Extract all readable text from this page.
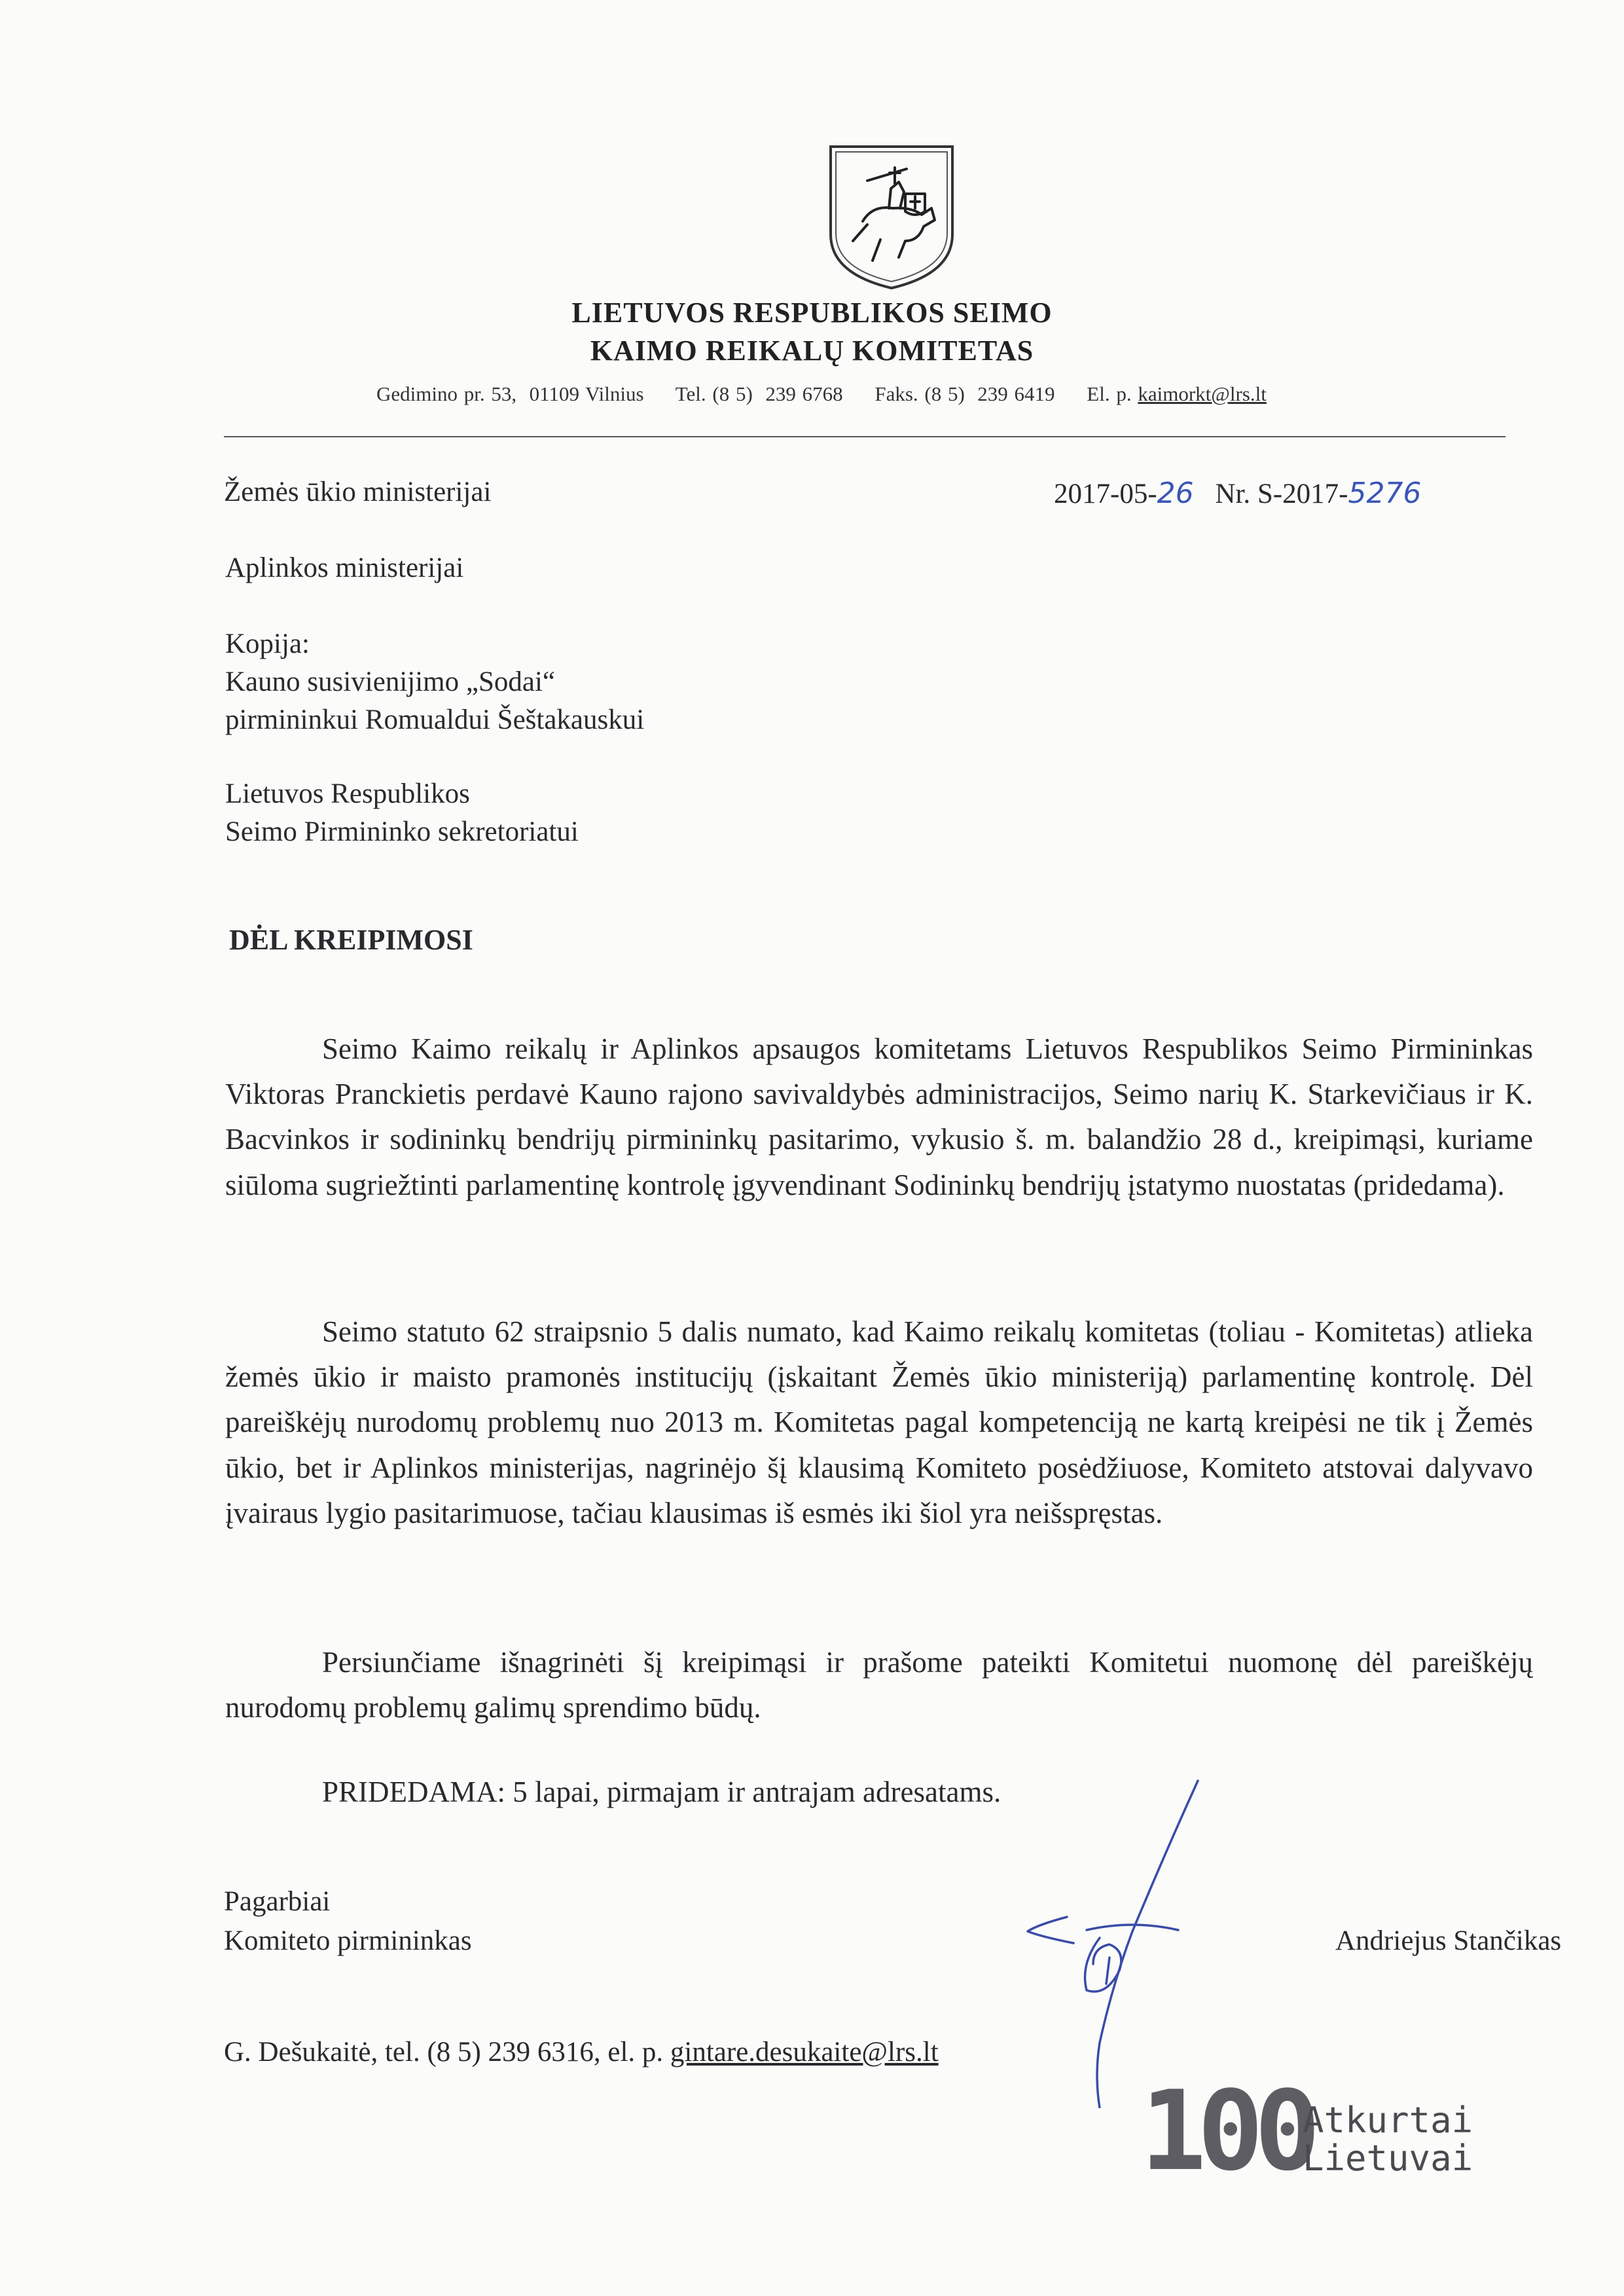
LIETUVOS RESPUBLIKOS SEIMO
KAIMO REIKALŲ KOMITETAS
Gedimino pr. 53,  01109 Vilnius Tel. (8 5)  239 6768 Faks. (8 5)  239 6419 El. p. kaimorkt@lrs.lt
Žemės ūkio ministerijai
Aplinkos ministerijai
Kopija:
Kauno susivienijimo „Sodai“
pirmininkui Romualdui Šeštakauskui
Lietuvos Respublikos
Seimo Pirmininko sekretoriatui
2017-05-26 Nr. S-2017-5276
DĖL KREIPIMOSI
Seimo Kaimo reikalų ir Aplinkos apsaugos komitetams Lietuvos Respublikos Seimo Pirmininkas Viktoras Pranckietis perdavė Kauno rajono savivaldybės administracijos, Seimo narių K. Starkevičiaus ir K. Bacvinkos ir sodininkų bendrijų pirmininkų pasitarimo, vykusio š. m. balandžio 28 d., kreipimąsi, kuriame siūloma sugriežtinti parlamentinę kontrolę įgyvendinant Sodininkų bendrijų įstatymo nuostatas (pridedama).
Seimo statuto 62 straipsnio 5 dalis numato, kad Kaimo reikalų komitetas (toliau - Komitetas) atlieka žemės ūkio ir maisto pramonės institucijų (įskaitant Žemės ūkio ministeriją) parlamentinę kontrolę. Dėl pareiškėjų nurodomų problemų nuo 2013 m. Komitetas pagal kompetenciją ne kartą kreipėsi ne tik į Žemės ūkio, bet ir Aplinkos ministerijas, nagrinėjo šį klausimą Komiteto posėdžiuose, Komiteto atstovai dalyvavo įvairaus lygio pasitarimuose, tačiau klausimas iš esmės iki šiol yra neišspręstas.
Persiunčiame išnagrinėti šį kreipimąsi ir prašome pateikti Komitetui nuomonę dėl pareiškėjų nurodomų problemų galimų sprendimo būdų.
PRIDEDAMA: 5 lapai, pirmajam ir antrajam adresatams.
Pagarbiai
Komiteto pirmininkas	Andriejus Stančikas
G. Dešukaitė, tel. (8 5) 239 6316, el. p. gintare.desukaite@lrs.lt
100
Atkurtai
Lietuvai
